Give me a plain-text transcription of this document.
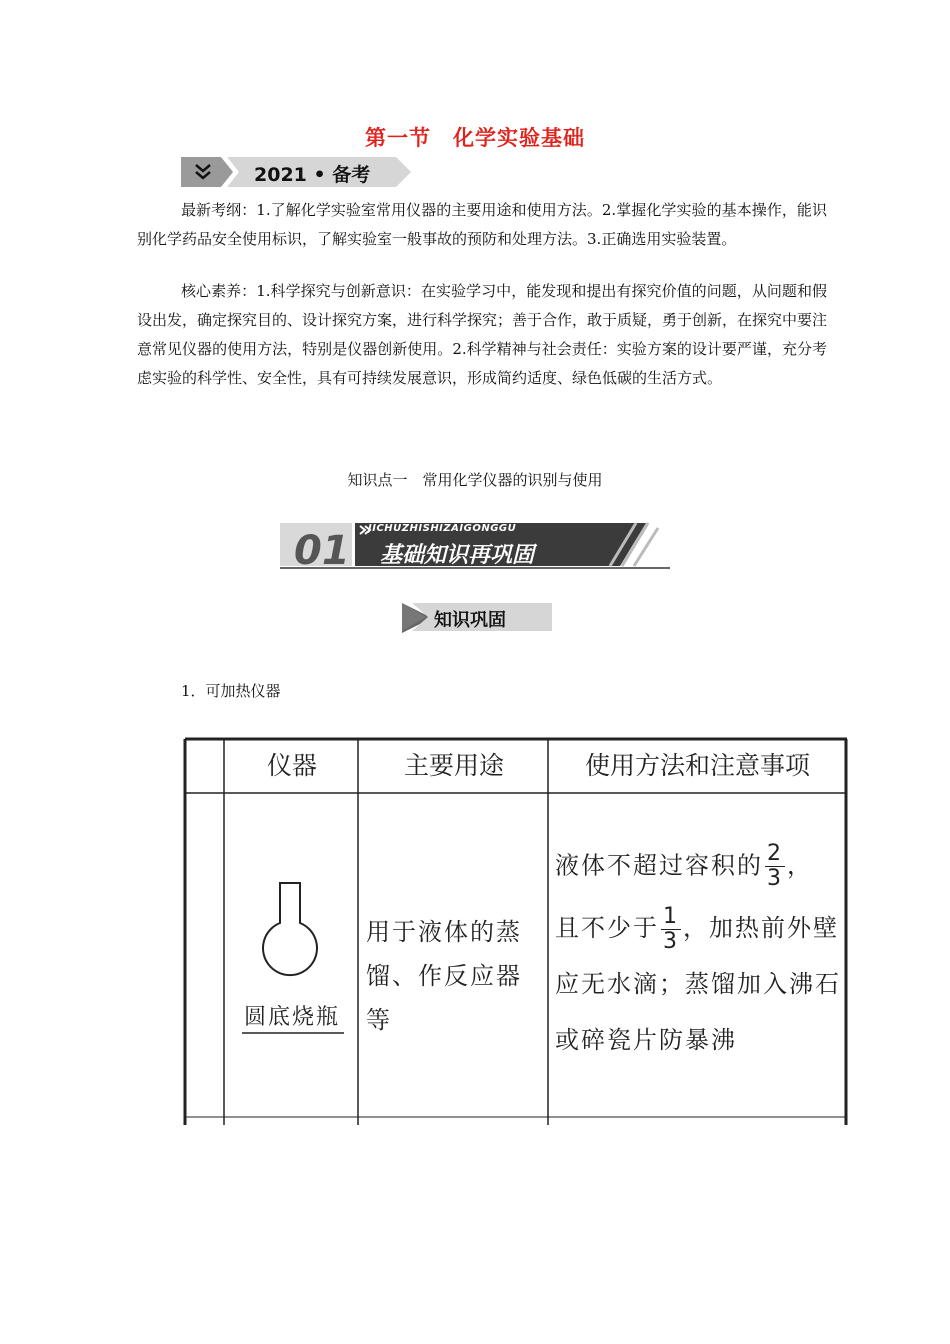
第一节　化学实验基础
2021 • 备考
最新考纲：1.了解化学实验室常用仪器的主要用途和使用方法。2.掌握化学实验的基本操作，能识别化学药品安全使用标识，了解实验室一般事故的预防和处理方法。3.正确选用实验装置。
核心素养：1.科学探究与创新意识：在实验学习中，能发现和提出有探究价值的问题，从问题和假设出发，确定探究目的、设计探究方案，进行科学探究；善于合作，敢于质疑，勇于创新，在探究中要注意常见仪器的使用方法，特别是仪器创新使用。2.科学精神与社会责任：实验方案的设计要严谨，充分考虑实验的科学性、安全性，具有可持续发展意识，形成简约适度、绿色低碳的生活方式。
知识点一　常用化学仪器的识别与使用
01 JICHUZHISHIZAIGONGGU
基础知识再巩固
知识巩固
1．可加热仪器
仪器	主要用途	使用方法和注意事项
圆底烧瓶
用于液体的蒸馏、作反应器等
液体不超过容积的 $\frac{2}{3}$ ，
且不少于 $\frac{1}{3}$ ，加热前外壁应无水滴；蒸馏加入沸石或碎瓷片防暴沸
